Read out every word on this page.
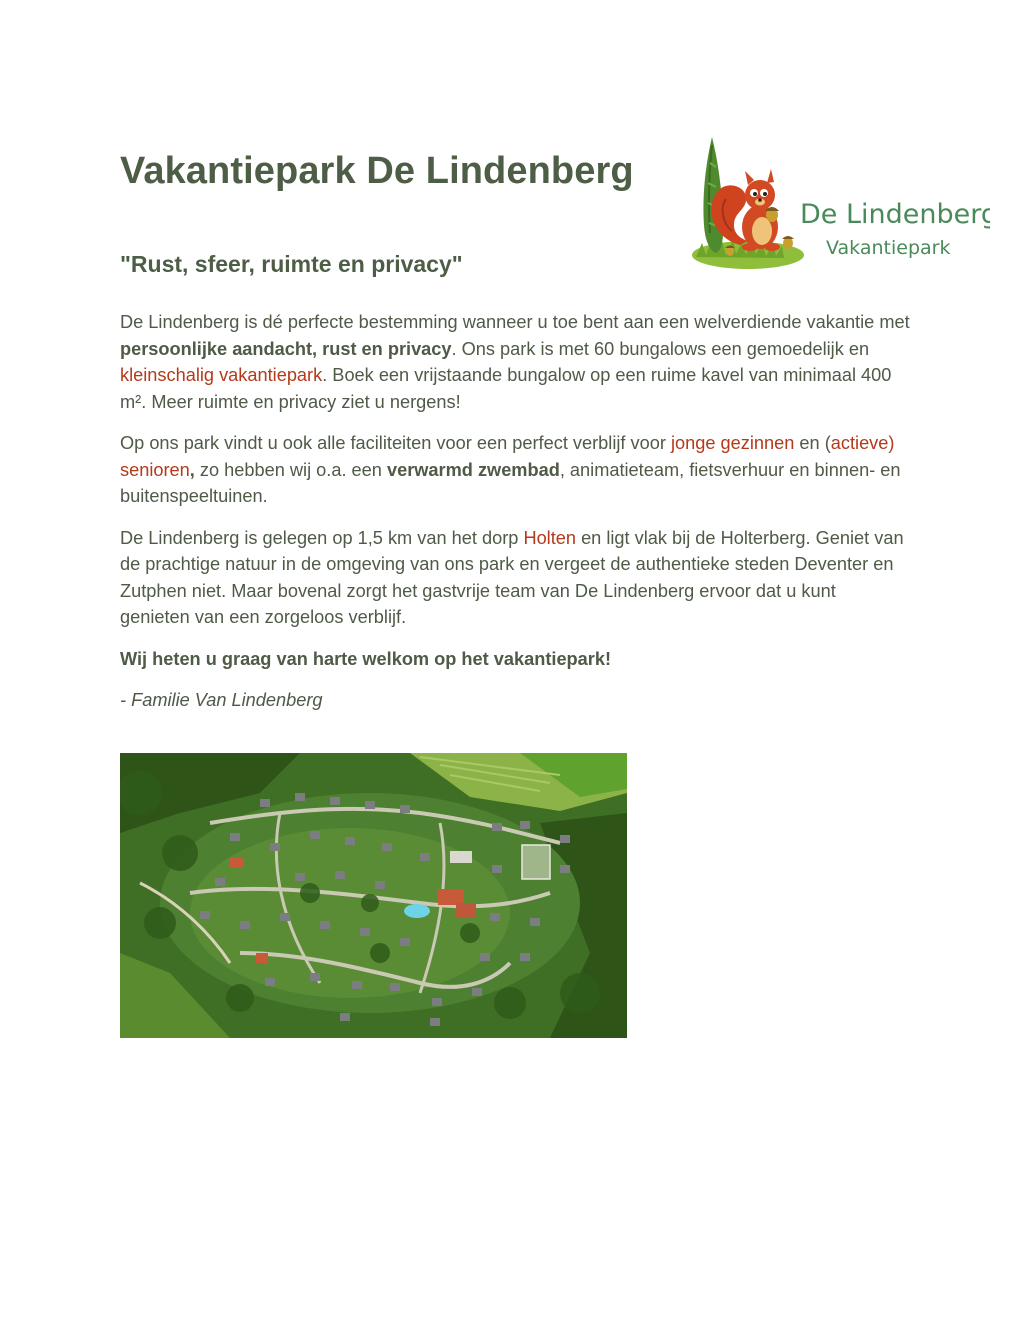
Vakantiepark De Lindenberg
"Rust, sfeer, ruimte en privacy"
De Lindenberg
Vakantiepark

De Lindenberg is dé perfecte bestemming wanneer u toe bent aan een welverdiende vakantie met persoonlijke aandacht, rust en privacy. Ons park is met 60 bungalows een gemoedelijk en kleinschalig vakantiepark. Boek een vrijstaande bungalow op een ruime kavel van minimaal 400 m². Meer ruimte en privacy ziet u nergens!

Op ons park vindt u ook alle faciliteiten voor een perfect verblijf voor jonge gezinnen en (actieve) senioren, zo hebben wij o.a. een verwarmd zwembad, animatieteam, fietsverhuur en binnen- en buitenspeeltuinen.

De Lindenberg is gelegen op 1,5 km van het dorp Holten en ligt vlak bij de Holterberg. Geniet van de prachtige natuur in de omgeving van ons park en vergeet de authentieke steden Deventer en Zutphen niet. Maar bovenal zorgt het gastvrije team van De Lindenberg ervoor dat u kunt genieten van een zorgeloos verblijf.

Wij heten u graag van harte welkom op het vakantiepark!

- Familie Van Lindenberg
